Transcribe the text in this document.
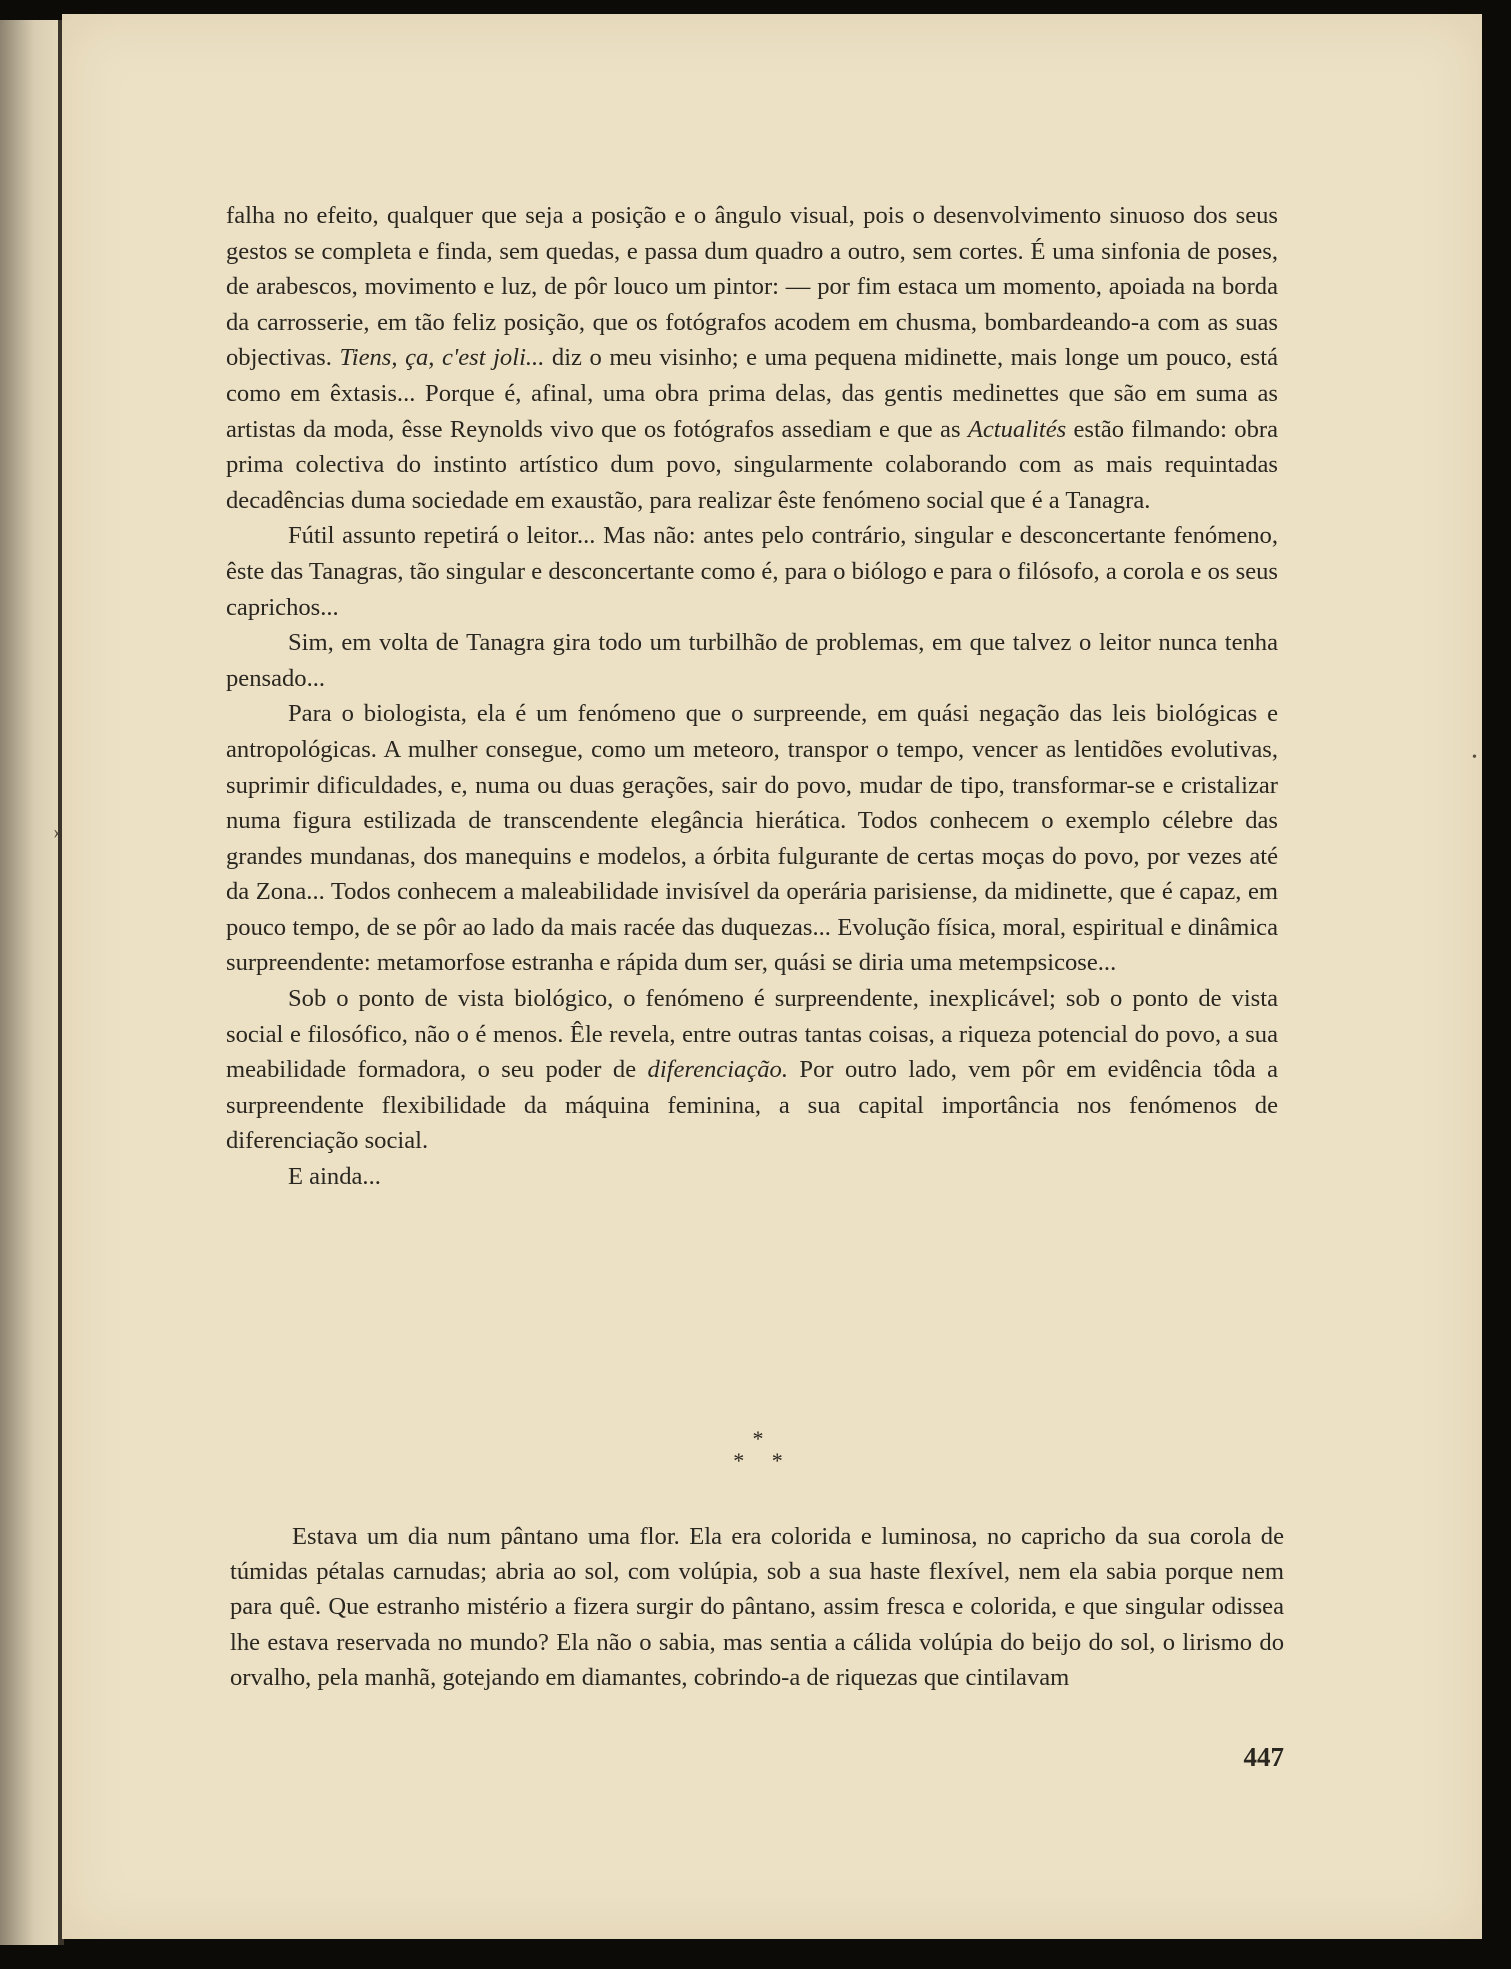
›
•

falha no efeito, qualquer que seja a posição e o ângulo visual, pois o desenvolvimento sinuoso dos seus gestos se completa e finda, sem quedas, e passa dum quadro a outro, sem cortes. É uma sinfonia de poses, de arabescos, movimento e luz, de pôr louco um pintor: — por fim estaca um momento, apoiada na borda da carrosserie, em tão feliz posição, que os fotógrafos acodem em chusma, bombardeando-a com as suas objectivas. Tiens, ça, c'est joli... diz o meu visinho; e uma pequena midinette, mais longe um pouco, está como em êxtasis... Porque é, afinal, uma obra prima delas, das gentis medinettes que são em suma as artistas da moda, êsse Reynolds vivo que os fotógrafos assediam e que as Actualités estão filmando: obra prima colectiva do instinto artístico dum povo, singularmente colaborando com as mais requintadas decadências duma sociedade em exaustão, para realizar êste fenómeno social que é a Tanagra.

Fútil assunto repetirá o leitor... Mas não: antes pelo contrário, singular e desconcertante fenómeno, êste das Tanagras, tão singular e desconcertante como é, para o biólogo e para o filósofo, a corola e os seus caprichos...

Sim, em volta de Tanagra gira todo um turbilhão de problemas, em que talvez o leitor nunca tenha pensado...

Para o biologista, ela é um fenómeno que o surpreende, em quási negação das leis biológicas e antropológicas. A mulher consegue, como um meteoro, transpor o tempo, vencer as lentidões evolutivas, suprimir dificuldades, e, numa ou duas gerações, sair do povo, mudar de tipo, transformar-se e cristalizar numa figura estilizada de transcendente elegância hierática. Todos conhecem o exemplo célebre das grandes mundanas, dos manequins e modelos, a órbita fulgurante de certas moças do povo, por vezes até da Zona... Todos conhecem a maleabilidade invisível da operária parisiense, da midinette, que é capaz, em pouco tempo, de se pôr ao lado da mais racée das duquezas... Evolução física, moral, espiritual e dinâmica surpreendente: metamorfose estranha e rápida dum ser, quási se diria uma metempsicose...

Sob o ponto de vista biológico, o fenómeno é surpreendente, inexplicável; sob o ponto de vista social e filosófico, não o é menos. Êle revela, entre outras tantas coisas, a riqueza potencial do povo, a sua meabilidade formadora, o seu poder de diferenciação. Por outro lado, vem pôr em evidência tôda a surpreendente flexibilidade da máquina feminina, a sua capital importância nos fenómenos de diferenciação social.

E ainda...

*
* *

Estava um dia num pântano uma flor. Ela era colorida e luminosa, no capricho da sua corola de túmidas pétalas carnudas; abria ao sol, com volúpia, sob a sua haste flexível, nem ela sabia porque nem para quê. Que estranho mistério a fizera surgir do pântano, assim fresca e colorida, e que singular odissea lhe estava reservada no mundo? Ela não o sabia, mas sentia a cálida volúpia do beijo do sol, o lirismo do orvalho, pela manhã, gotejando em diamantes, cobrindo-a de riquezas que cintilavam

447
